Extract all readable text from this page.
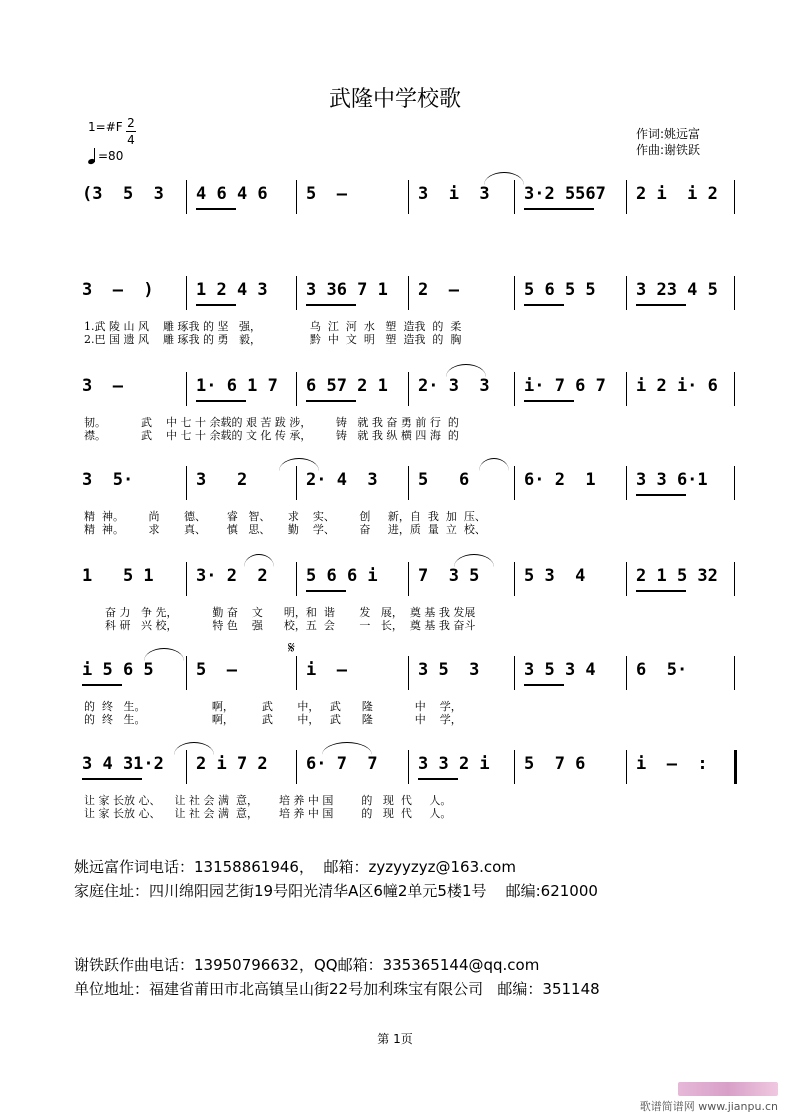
武隆中学校歌
1=#F 2
4
=80
作词:姚远富
作曲:谢铁跃
(3  5  3 4 6 4 6 5  –	3  i  3 3·2 5567 2 i  i 2
3  –  ) 1 2 4 3 3 36 7 1 2  –	5 6 5 5 3 23 4 5
1.武 陵 山 风    雕 琢我 的 坚   强，              乌  江  河  水   塑  造我  的  柔
2.巴 国 遗 风    雕 琢我 的 勇   毅，              黔  中  文  明   塑  造我  的  胸
3  –	1· 6 1 7 6 57 2 1 2· 3  3 i· 7 6 7 i 2 i· 6
韧。          武    中 七 十 余载的 艰 苦 跋 涉，       铸   就 我 奋 勇 前 行  的
襟。          武    中 七 十 余载的 文 化 传 承，       铸   就 我 纵 横 四 海  的
3  5·	3   2	2· 4  3 5   6	6· 2  1 3 3 6·1
精  神。       尚       德、      睿   智、     求    实、       创     新，自  我  加  压、
精  神。       求       真、      慎   思、     勤    学、       奋     进，质  量  立  校、
1   5 1 3· 2  2 5 6 6 i 7  3 5	5 3  4	2 1 5 32
奋 力   争 先，          勤 奋    文      明，和  谐       发   展，  奠 基 我 发展
科 研   兴 校，          特 色    强      校，五  会       一   长，  奠 基 我 奋斗
i 5 6 5 5  –	i  –	3 5  3	3 5 3 4 6  5·
的  终   生。                   啊，        武       中，   武      隆            中    学，
的  终   生。                   啊，        武       中，   武      隆            中    学，
3 4 31·2 2 i 7 2 6· 7  7 3 3 2 i 5  7 6	i  –  :
让 家 长放 心、    让 社 会 满  意，      培 养 中 国        的   现  代     人。
让 家 长放 心、    让 社 会 满  意，      培 养 中 国        的   现  代     人。
姚远富作词电话：13158861946，  邮箱：zyzyyzyz@163.com
家庭住址：四川绵阳园艺街19号阳光清华A区6幢2单元5楼1号    邮编:621000
谢铁跃作曲电话：13950796632，QQ邮箱：335365144@qq.com
单位地址：福建省莆田市北高镇呈山街22号加利珠宝有限公司   邮编：351148
第 1页
歌谱简谱网 www.jianpu.cn
𝄋
